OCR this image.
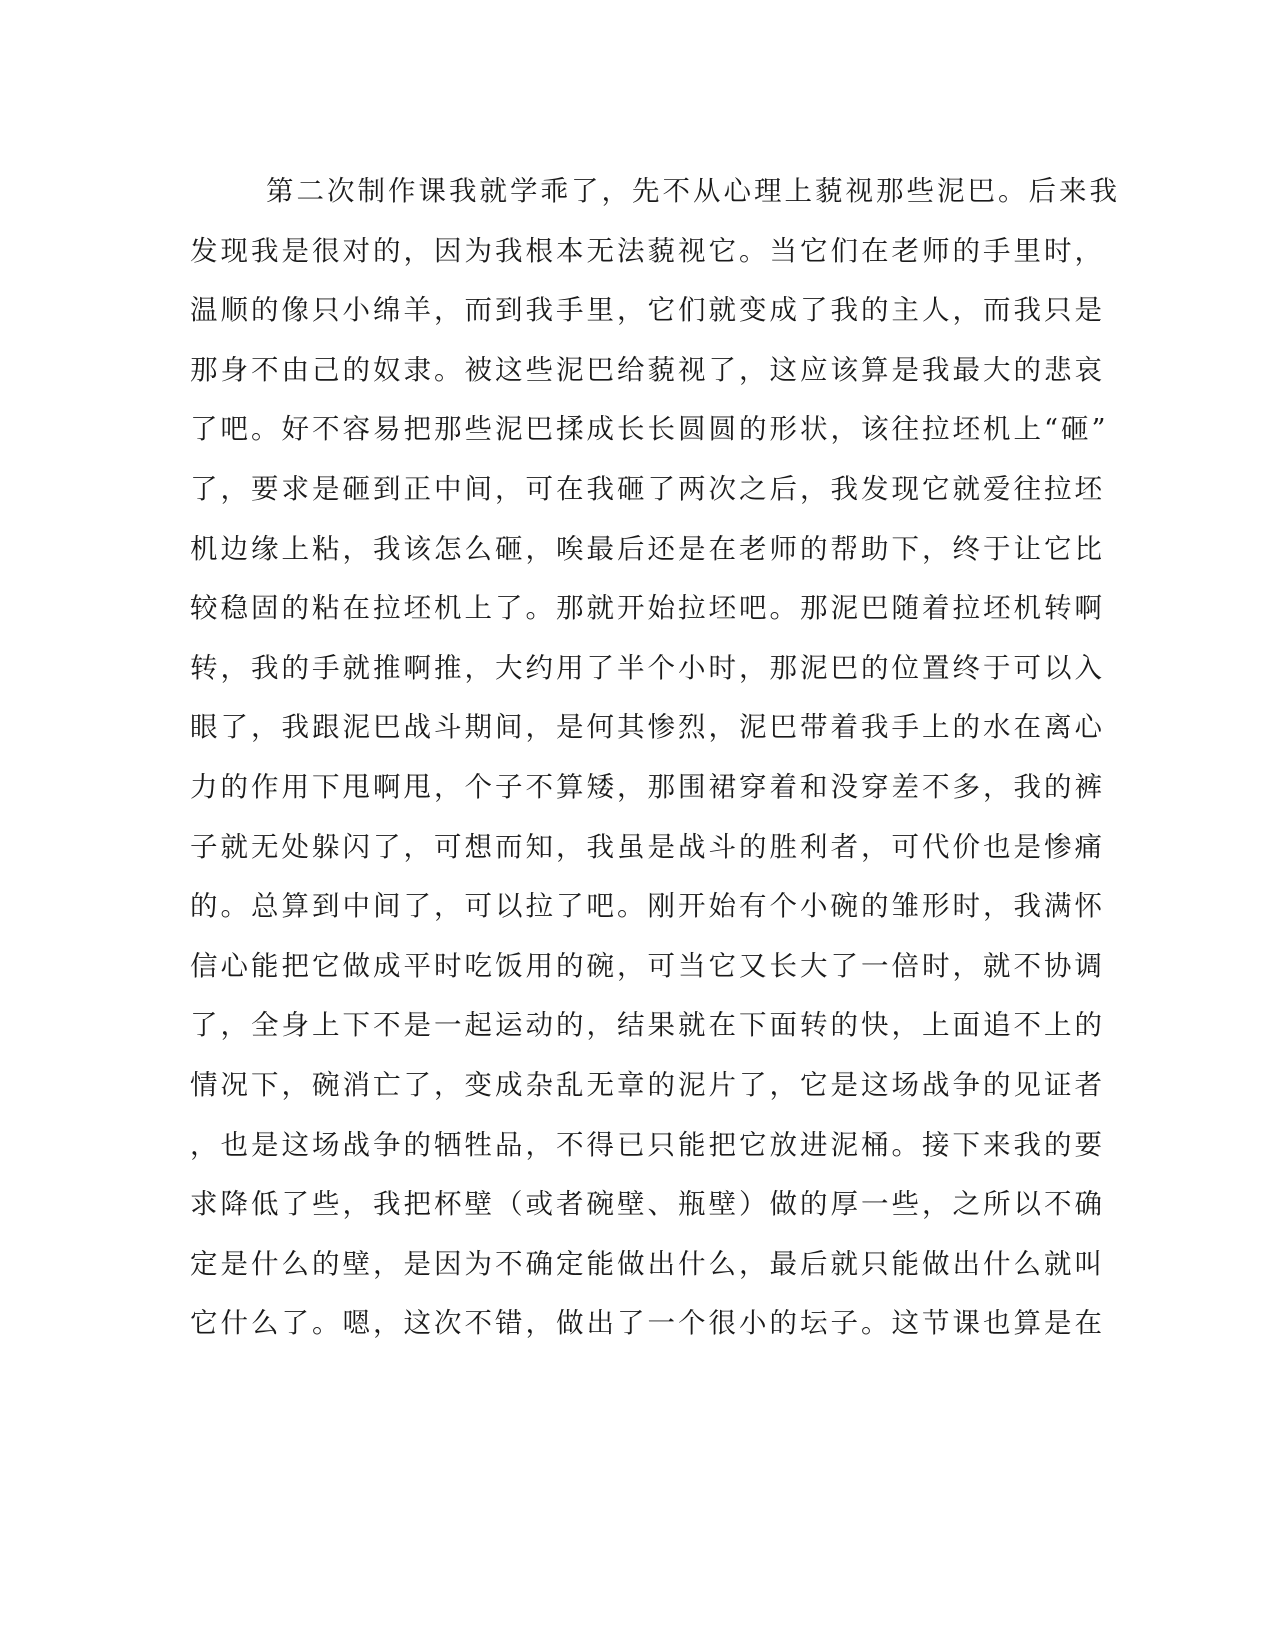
第二次制作课我就学乖了，先不从心理上藐视那些泥巴。后来我
发现我是很对的，因为我根本无法藐视它。当它们在老师的手里时，
温顺的像只小绵羊，而到我手里，它们就变成了我的主人，而我只是
那身不由己的奴隶。被这些泥巴给藐视了，这应该算是我最大的悲哀
了吧。好不容易把那些泥巴揉成长长圆圆的形状，该往拉坯机上“砸”
了，要求是砸到正中间，可在我砸了两次之后，我发现它就爱往拉坯
机边缘上粘，我该怎么砸，唉最后还是在老师的帮助下，终于让它比
较稳固的粘在拉坯机上了。那就开始拉坯吧。那泥巴随着拉坯机转啊
转，我的手就推啊推，大约用了半个小时，那泥巴的位置终于可以入
眼了，我跟泥巴战斗期间，是何其惨烈，泥巴带着我手上的水在离心
力的作用下甩啊甩，个子不算矮，那围裙穿着和没穿差不多，我的裤
子就无处躲闪了，可想而知，我虽是战斗的胜利者，可代价也是惨痛
的。总算到中间了，可以拉了吧。刚开始有个小碗的雏形时，我满怀
信心能把它做成平时吃饭用的碗，可当它又长大了一倍时，就不协调
了，全身上下不是一起运动的，结果就在下面转的快，上面追不上的
情况下，碗消亡了，变成杂乱无章的泥片了，它是这场战争的见证者
，也是这场战争的牺牲品，不得已只能把它放进泥桶。接下来我的要
求降低了些，我把杯壁（或者碗壁、瓶壁）做的厚一些，之所以不确
定是什么的壁，是因为不确定能做出什么，最后就只能做出什么就叫
它什么了。嗯，这次不错，做出了一个很小的坛子。这节课也算是在
